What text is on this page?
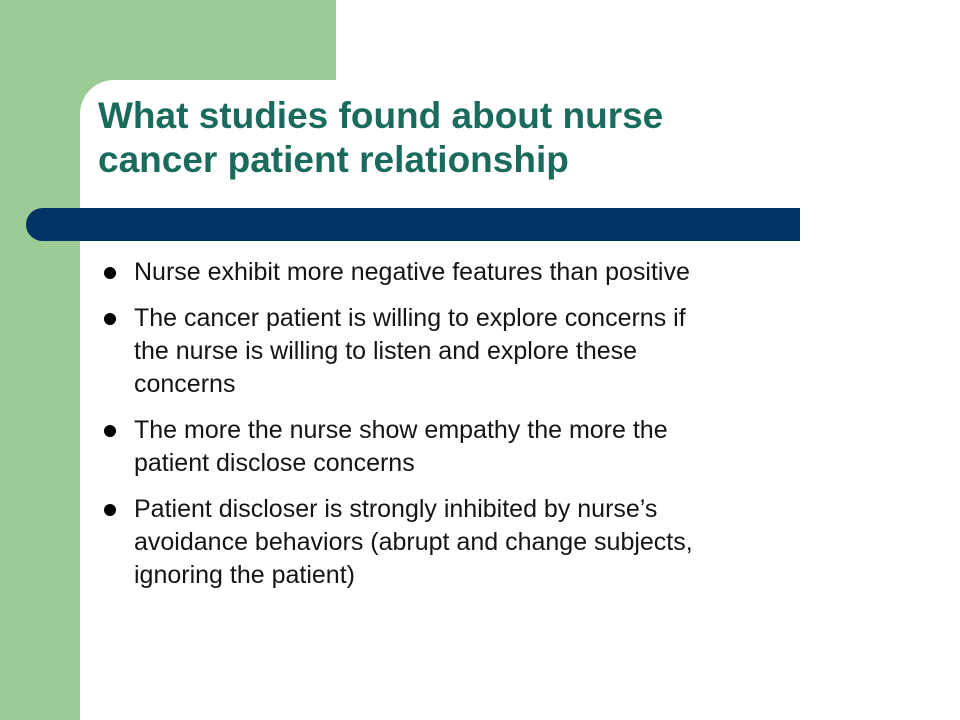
What studies found about nurse
cancer patient relationship
Nurse exhibit more negative features than positive
The cancer patient is willing to explore concerns if
the nurse is willing to listen and explore these
concerns
The more the nurse show empathy the more the
patient disclose concerns
Patient discloser is strongly inhibited by nurse’s
avoidance behaviors (abrupt and change subjects,
ignoring the patient)
